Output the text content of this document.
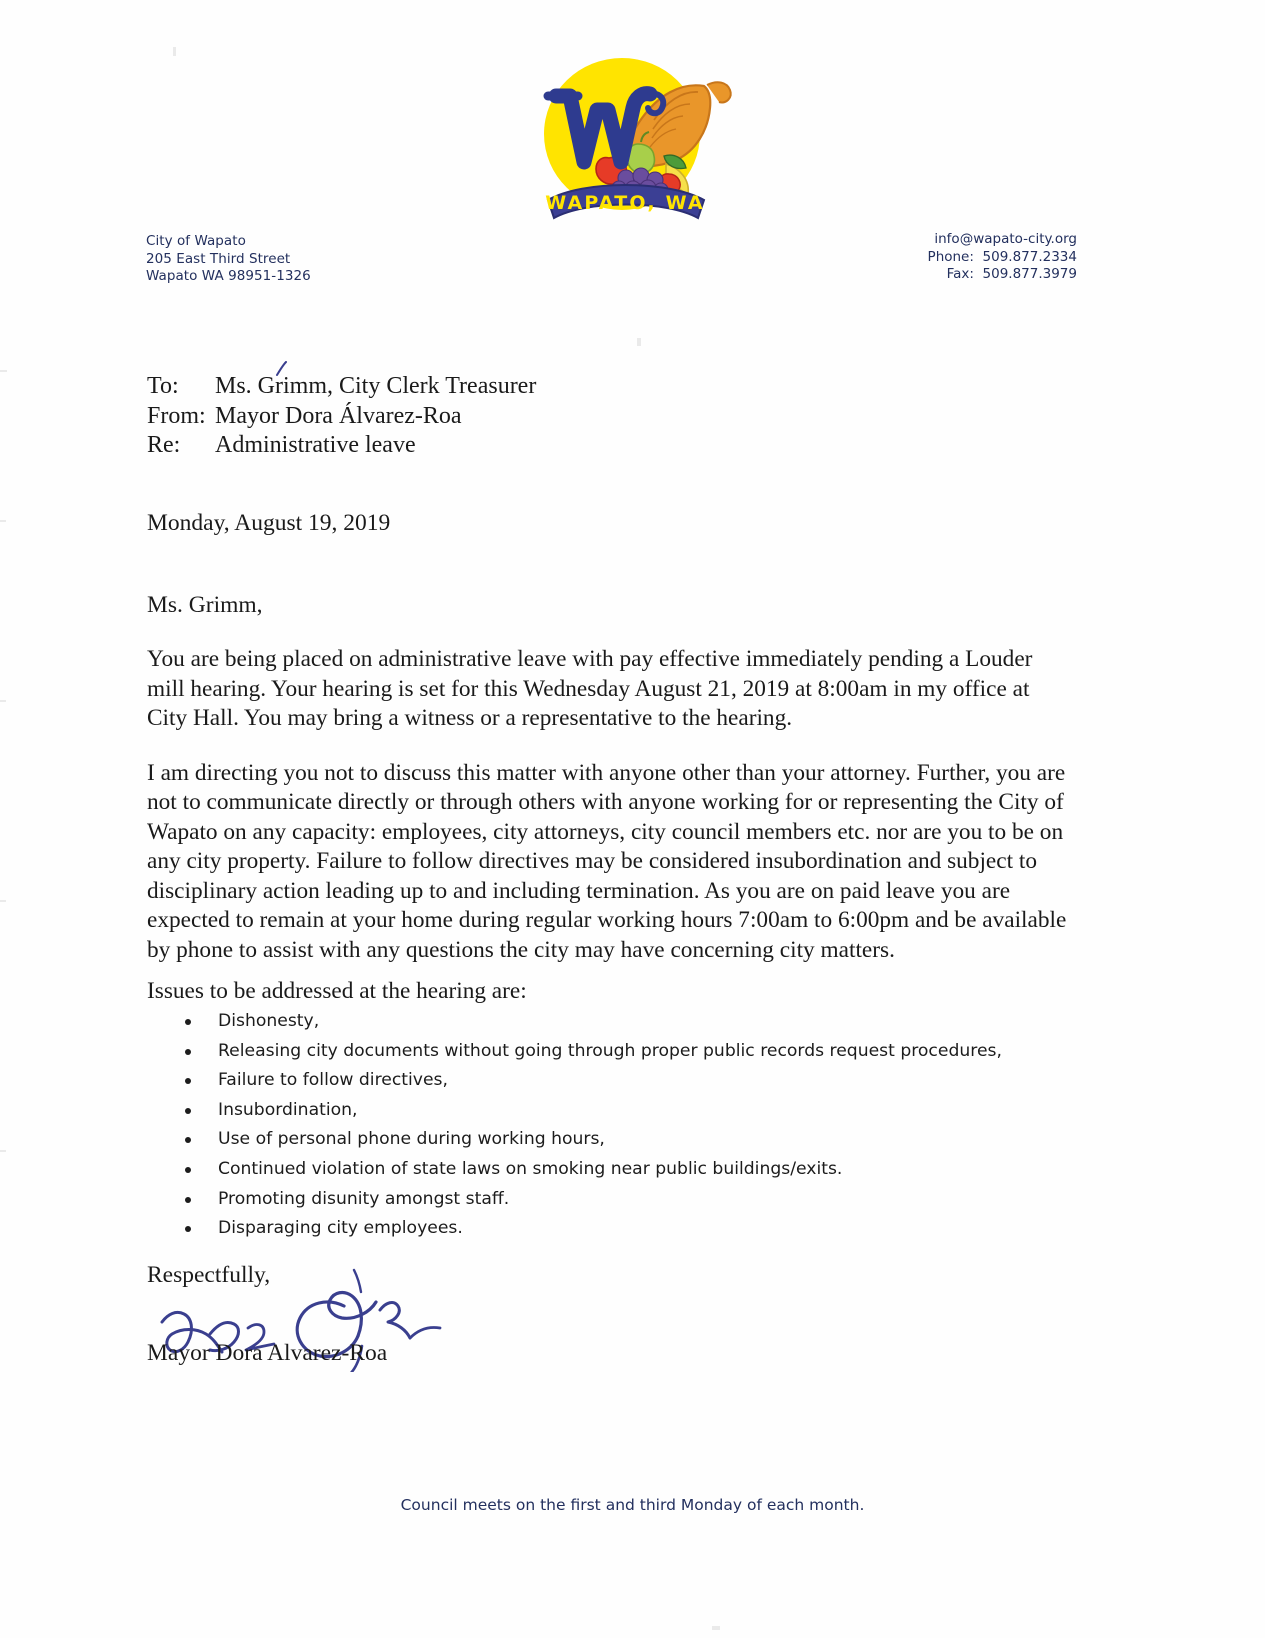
WAPATO, WA
City of Wapato
205 East Third Street
Wapato WA 98951-1326
info@wapato-city.org
Phone: 509.877.2334
Fax: 509.877.3979
To:	Ms. Grimm, City Clerk Treasurer
From: Mayor Dora Álvarez-Roa
Re:	Administrative leave
Monday, August 19, 2019
Ms. Grimm,

You are being placed on administrative leave with pay effective immediately pending a Louder mill hearing. Your hearing is set for this Wednesday August 21, 2019 at 8:00am in my office at City Hall. You may bring a witness or a representative to the hearing.

I am directing you not to discuss this matter with anyone other than your attorney. Further, you are not to communicate directly or through others with anyone working for or representing the City of Wapato on any capacity: employees, city attorneys, city council members etc. nor are you to be on any city property. Failure to follow directives may be considered insubordination and subject to disciplinary action leading up to and including termination. As you are on paid leave you are expected to remain at your home during regular working hours 7:00am to 6:00pm and be available by phone to assist with any questions the city may have concerning city matters.

Issues to be addressed at the hearing are:
Dishonesty,
Releasing city documents without going through proper public records request procedures,
Failure to follow directives,
Insubordination,
Use of personal phone during working hours,
Continued violation of state laws on smoking near public buildings/exits.
Promoting disunity amongst staff.
Disparaging city employees.
Respectfully,
Mayor Dora Alvarez-Roa
Council meets on the first and third Monday of each month.
